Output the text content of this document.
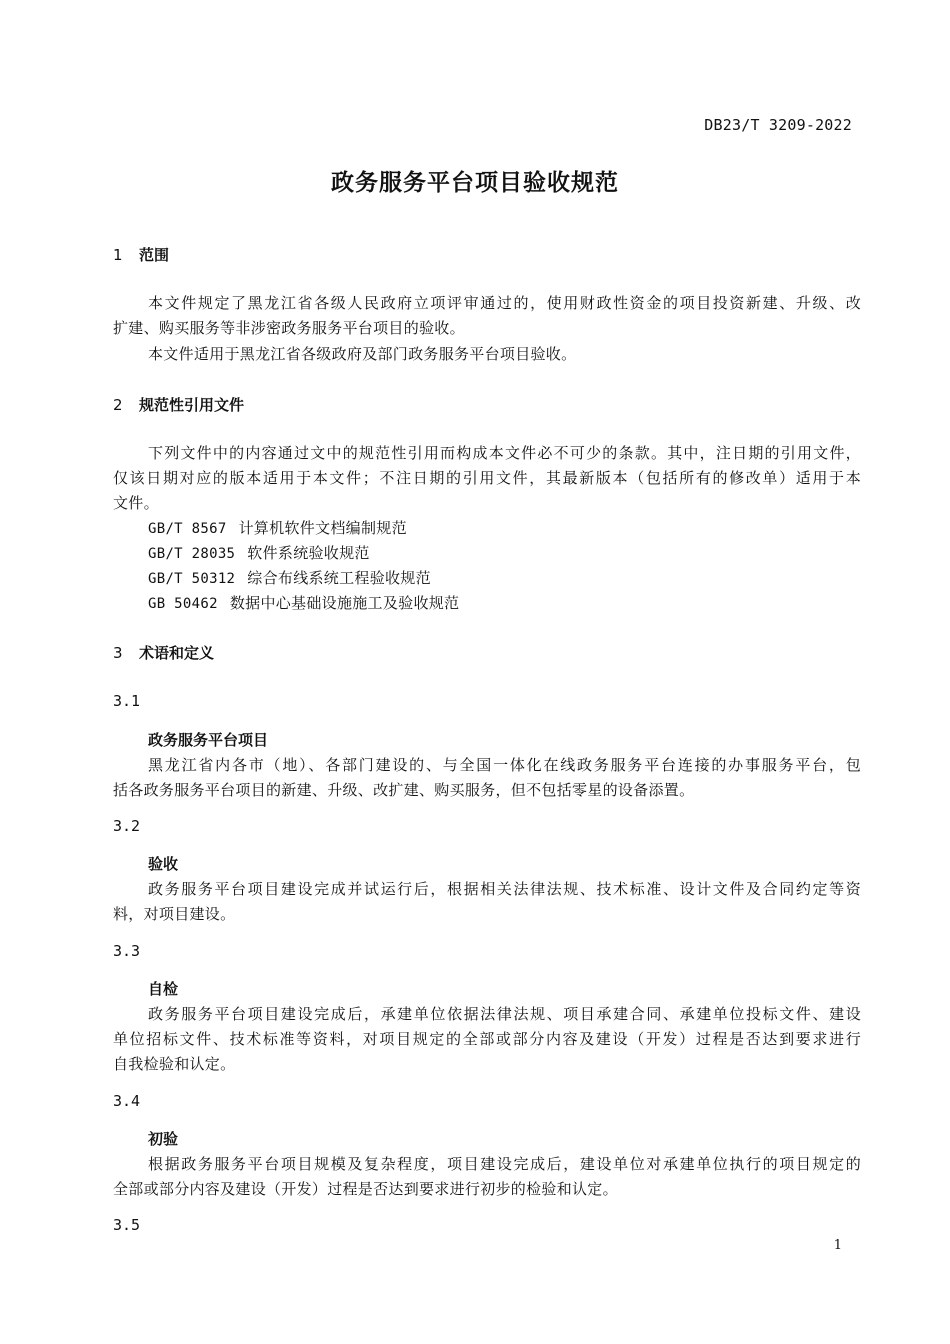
DB23/T 3209-2022
政务服务平台项目验收规范
1 范围
本文件规定了黑龙江省各级人民政府立项评审通过的，使用财政性资金的项目投资新建、升级、改
扩建、购买服务等非涉密政务服务平台项目的验收。
本文件适用于黑龙江省各级政府及部门政务服务平台项目验收。
2 规范性引用文件
下列文件中的内容通过文中的规范性引用而构成本文件必不可少的条款。其中，注日期的引用文件，
仅该日期对应的版本适用于本文件；不注日期的引用文件，其最新版本（包括所有的修改单）适用于本
文件。
GB/T 8567 计算机软件文档编制规范
GB/T 28035 软件系统验收规范
GB/T 50312 综合布线系统工程验收规范
GB 50462 数据中心基础设施施工及验收规范
3 术语和定义
3.1
政务服务平台项目
黑龙江省内各市（地）、各部门建设的、与全国一体化在线政务服务平台连接的办事服务平台，包
括各政务服务平台项目的新建、升级、改扩建、购买服务，但不包括零星的设备添置。
3.2
验收
政务服务平台项目建设完成并试运行后，根据相关法律法规、技术标准、设计文件及合同约定等资
料，对项目建设。
3.3
自检
政务服务平台项目建设完成后，承建单位依据法律法规、项目承建合同、承建单位投标文件、建设
单位招标文件、技术标准等资料，对项目规定的全部或部分内容及建设（开发）过程是否达到要求进行
自我检验和认定。
3.4
初验
根据政务服务平台项目规模及复杂程度，项目建设完成后，建设单位对承建单位执行的项目规定的
全部或部分内容及建设（开发）过程是否达到要求进行初步的检验和认定。
3.5
1
